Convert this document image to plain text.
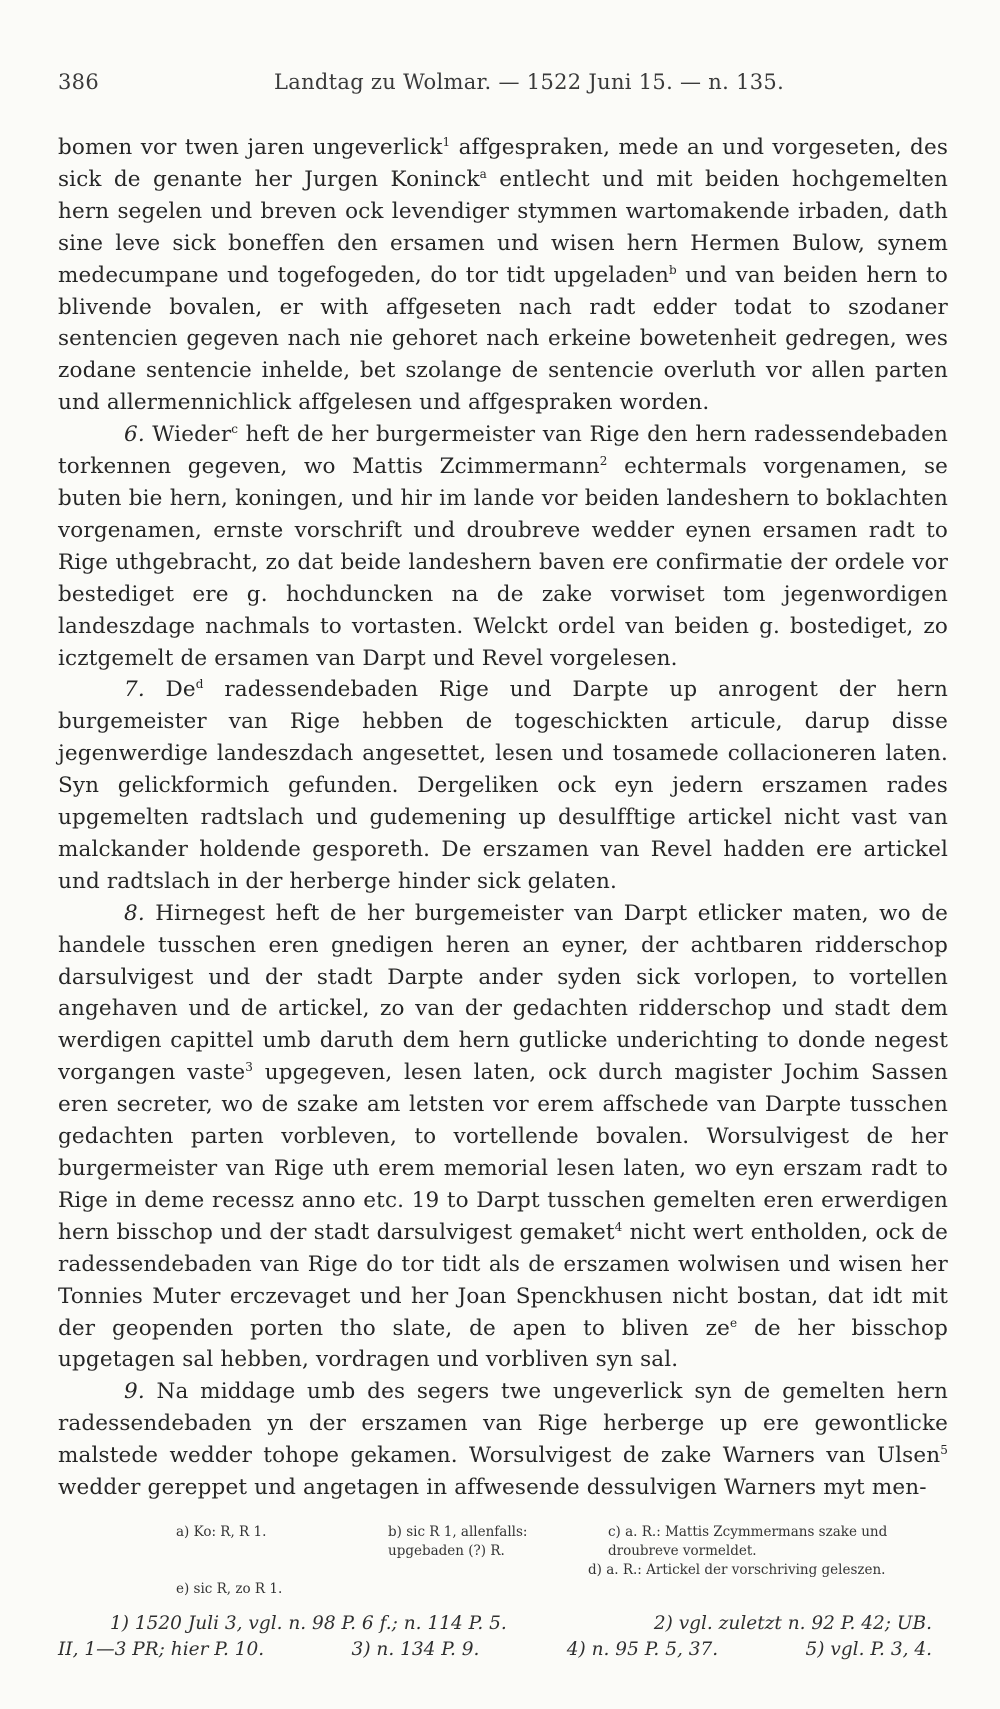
386	Landtag zu Wolmar. — 1522 Juni 15. — n. 135.

bomen vor twen jaren ungeverlick$^1$ affgespraken, mede an und vorgeseten, des sick de genante her Jurgen Koninck$^a$ entlecht und mit beiden hochgemelten hern segelen und breven ock levendiger stymmen wartomakende irbaden, dath sine leve sick boneffen den ersamen und wisen hern Hermen Bulow, synem medecumpane und togefogeden, do tor tidt upgeladen$^b$ und van beiden hern to blivende bovalen, er with affgeseten nach radt edder todat to szodaner sentencien gegeven nach nie gehoret nach erkeine bowetenheit gedregen, wes zodane sentencie inhelde, bet szolange de sentencie overluth vor allen parten und allermennichlick affgelesen und affgespraken worden.

6. Wieder$^c$ heft de her burgermeister van Rige den hern radessendebaden torkennen gegeven, wo Mattis Zcimmermann$^2$ echtermals vorgenamen, se buten bie hern, koningen, und hir im lande vor beiden landeshern to boklachten vorgenamen, ernste vorschrift und droubreve wedder eynen ersamen radt to Rige uthgebracht, zo dat beide landeshern baven ere confirmatie der ordele vor bestediget ere g. hochduncken na de zake vorwiset tom jegenwordigen landeszdage nachmals to vortasten. Welckt ordel van beiden g. bostediget, zo icztgemelt de ersamen van Darpt und Revel vorgelesen.

7. De$^d$ radessendebaden Rige und Darpte up anrogent der hern burgemeister van Rige hebben de togeschickten articule, darup disse jegenwerdige landeszdach angesettet, lesen und tosamede collacioneren laten. Syn gelickformich gefunden. Dergeliken ock eyn jedern erszamen rades upgemelten radtslach und gudemening up desulfftige artickel nicht vast van malckander holdende gesporeth. De erszamen van Revel hadden ere artickel und radtslach in der herberge hinder sick gelaten.

8. Hirnegest heft de her burgemeister van Darpt etlicker maten, wo de handele tusschen eren gnedigen heren an eyner, der achtbaren ridderschop darsulvigest und der stadt Darpte ander syden sick vorlopen, to vortellen angehaven und de artickel, zo van der gedachten ridderschop und stadt dem werdigen capittel umb daruth dem hern gutlicke underichting to donde negest vorgangen vaste$^3$ upgegeven, lesen laten, ock durch magister Jochim Sassen eren secreter, wo de szake am letsten vor erem affschede van Darpte tusschen gedachten parten vorbleven, to vortellende bovalen. Worsulvigest de her burgermeister van Rige uth erem memorial lesen laten, wo eyn erszam radt to Rige in deme recessz anno etc. 19 to Darpt tusschen gemelten eren erwerdigen hern bisschop und der stadt darsulvigest gemaket$^4$ nicht wert entholden, ock de radessendebaden van Rige do tor tidt als de erszamen wolwisen und wisen her Tonnies Muter erczevaget und her Joan Spenckhusen nicht bostan, dat idt mit der geopenden porten tho slate, de apen to bliven $ze^e$ de her bisschop upgetagen sal hebben, vordragen und vorbliven syn sal.

9. Na middage umb des segers twe ungeverlick syn de gemelten hern radessendebaden yn der erszamen van Rige herberge up ere gewontlicke malstede wedder tohope gekamen. Worsulvigest de zake Warners van Ulsen$^5$ wedder gereppet und angetagen in affwesende dessulvigen Warners myt men-

a) Ko: R, R 1.	b) sic R 1, allenfalls: upgebaden (?) R.
c) a. R.: Mattis Zcymmermans szake und droubreve vormeldet.
d) a. R.: Artickel der vorschriving geleszen.
e) sic R, zo R 1.
1) 1520 Juli 3, vgl. n. 98 P. 6 f.; n. 114 P. 5.	2) vgl. zuletzt n. 92 P. 42; UB.
II, 1—3 PR; hier P. 10.	3) n. 134 P. 9.	4) n. 95 P. 5, 37.	5) vgl. P. 3, 4.
